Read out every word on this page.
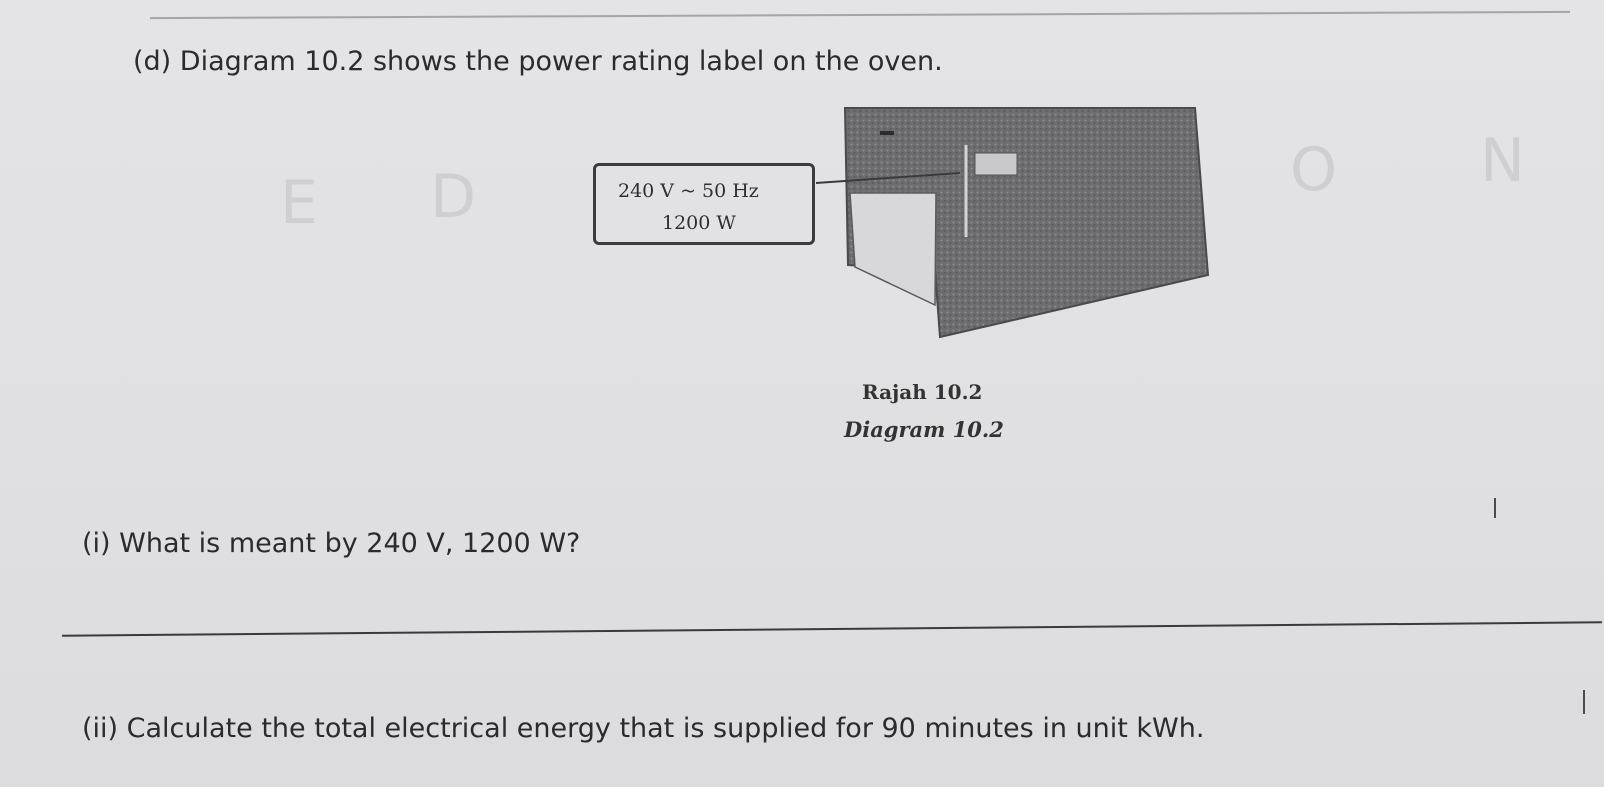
E D	O N
(d) Diagram 10.2 shows the power rating label on the oven.
240 V ~ 50 Hz
1200 W
Rajah 10.2
Diagram 10.2
(i) What is meant by 240 V, 1200 W?
(ii) Calculate the total electrical energy that is supplied for 90 minutes in unit kWh.
